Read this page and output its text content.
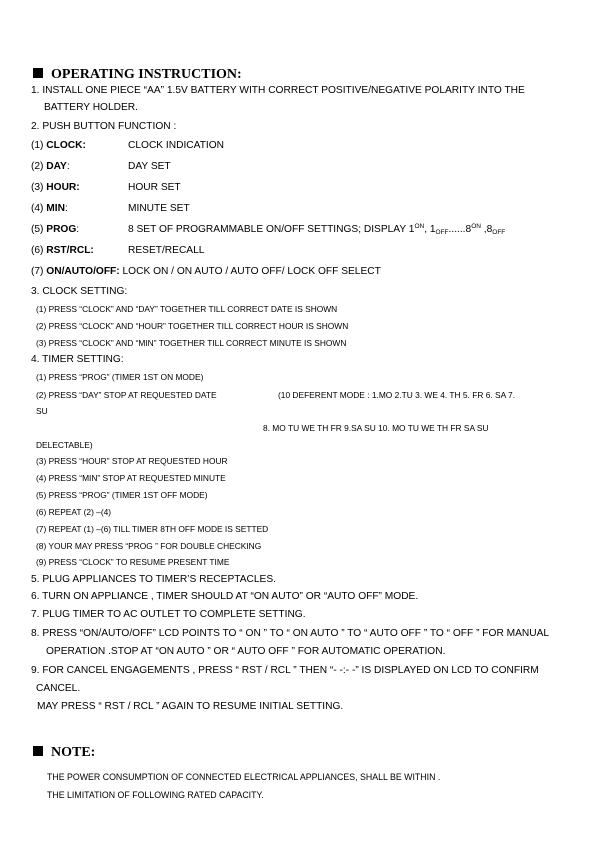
OPERATING INSTRUCTION:
1. INSTALL ONE PIECE “AA” 1.5V BATTERY WITH CORRECT POSITIVE/NEGATIVE POLARITY INTO THE
BATTERY HOLDER.
2. PUSH BUTTON FUNCTION :
(1) CLOCK:	CLOCK INDICATION
(2) DAY:	DAY SET
(3) HOUR:	HOUR SET
(4) MIN:	MINUTE SET
(5) PROG:	8 SET OF PROGRAMMABLE ON/OFF SETTINGS; DISPLAY $1^{ON}$, $1_{OFF}......8^{ON}$ $,8_{OFF}$
(6) RST/RCL:	RESET/RECALL
(7) ON/AUTO/OFF: LOCK ON / ON AUTO / AUTO OFF/ LOCK OFF SELECT
3. CLOCK SETTING:
(1) PRESS “CLOCK” AND “DAY” TOGETHER TILL CORRECT DATE IS SHOWN
(2) PRESS “CLOCK” AND “HOUR” TOGETHER TILL CORRECT HOUR IS SHOWN
(3) PRESS “CLOCK” AND “MIN” TOGETHER TILL CORRECT MINUTE IS SHOWN
4. TIMER SETTING:
(1) PRESS “PROG” (TIMER 1ST ON MODE)
(2) PRESS “DAY” STOP AT REQUESTED DATE	(10 DEFERENT MODE : 1.MO 2.TU 3. WE 4. TH 5. FR 6. SA 7.
SU
8. MO TU WE TH FR 9.SA SU 10. MO TU WE TH FR SA SU
DELECTABLE)
(3) PRESS “HOUR” STOP AT REQUESTED HOUR
(4) PRESS “MIN” STOP AT REQUESTED MINUTE
(5) PRESS “PROG” (TIMER 1ST OFF MODE)
(6) REPEAT (2) –(4)
(7) REPEAT (1) –(6) TILL TIMER 8TH OFF MODE IS SETTED
(8) YOUR MAY PRESS “PROG ” FOR DOUBLE CHECKING
(9) PRESS “CLOCK” TO RESUME PRESENT TIME
5. PLUG APPLIANCES TO TIMER’S RECEPTACLES.
6. TURN ON APPLIANCE , TIMER SHOULD AT “ON AUTO” OR “AUTO OFF” MODE.
7. PLUG TIMER TO AC OUTLET TO COMPLETE SETTING.
8. PRESS “ON/AUTO/OFF” LCD POINTS TO “ ON ” TO “ ON AUTO ” TO “ AUTO OFF ” TO “ OFF ” FOR MANUAL
OPERATION .STOP AT “ON AUTO ” OR “ AUTO OFF ” FOR AUTOMATIC OPERATION.
9. FOR CANCEL ENGAGEMENTS , PRESS “ RST / RCL ” THEN “- -:- -” IS DISPLAYED ON LCD TO CONFIRM
CANCEL.
MAY PRESS “ RST / RCL ” AGAIN TO RESUME INITIAL SETTING.
NOTE:
THE POWER CONSUMPTION OF CONNECTED ELECTRICAL APPLIANCES, SHALL BE WITHIN .
THE LIMITATION OF FOLLOWING RATED CAPACITY.
